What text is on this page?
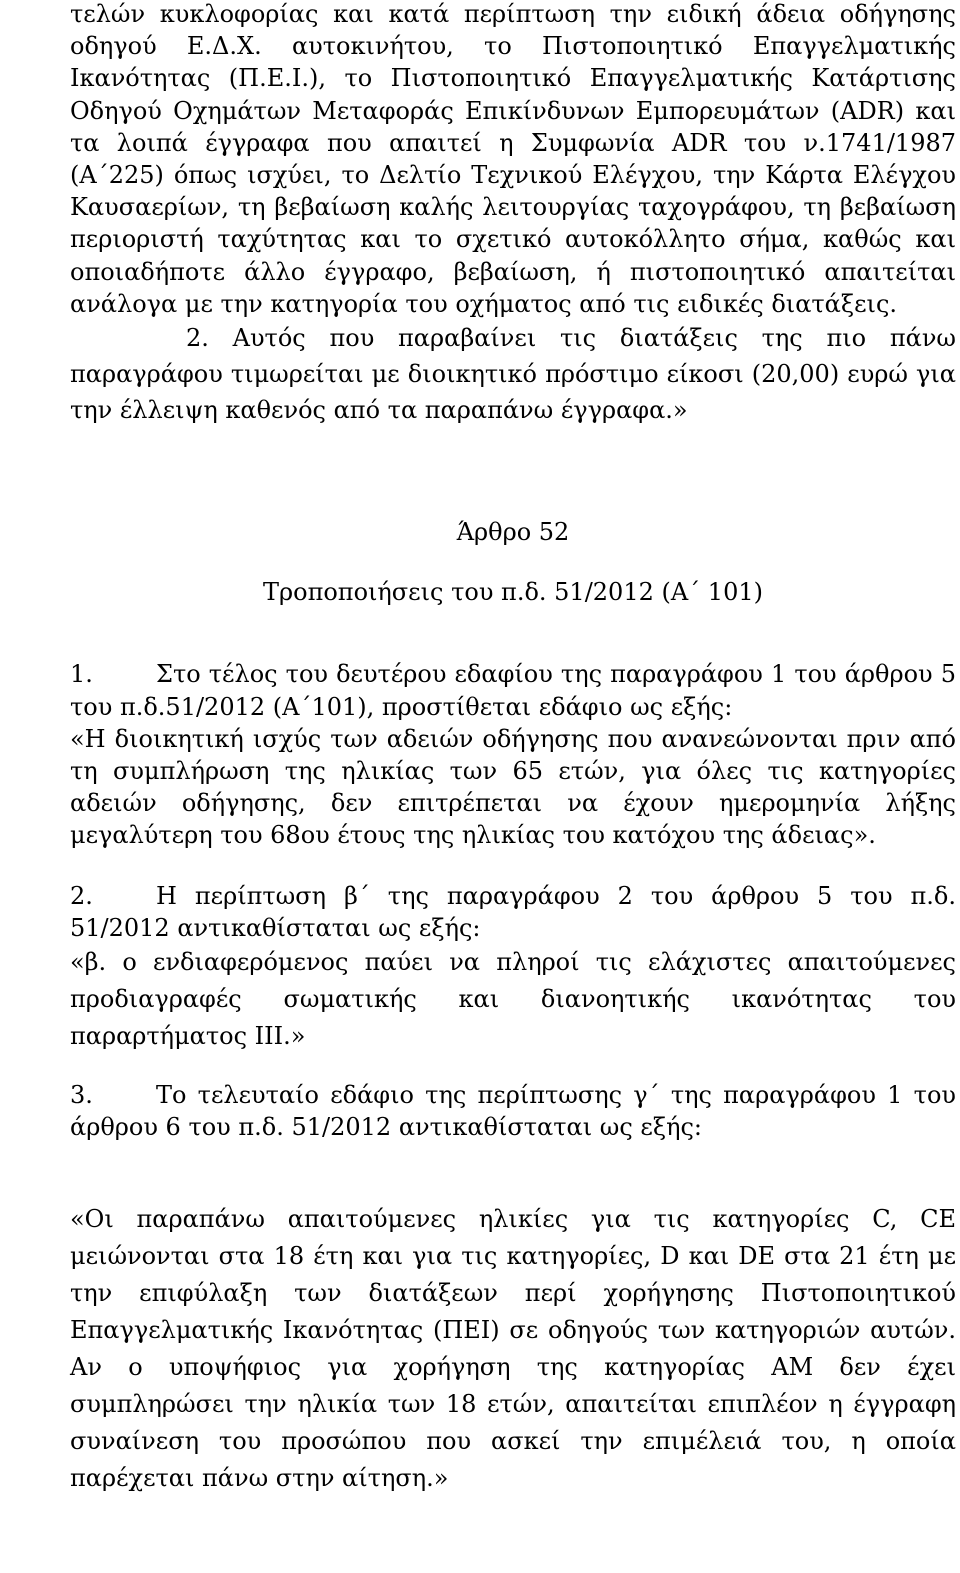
τελών κυκλοφορίας και κατά περίπτωση την ειδική άδεια οδήγησης οδηγού Ε.Δ.Χ. αυτοκινήτου, το Πιστοποιητικό Επαγγελματικής Ικανότητας (Π.Ε.Ι.), το Πιστοποιητικό Επαγγελματικής Κατάρτισης Οδηγού Οχημάτων Μεταφοράς Επικίνδυνων Εμπορευμάτων (ADR) και τα λοιπά έγγραφα που απαιτεί η Συμφωνία ADR του ν.1741/1987 (Α΄225) όπως ισχύει, το Δελτίο Τεχνικού Ελέγχου, την Κάρτα Ελέγχου Καυσαερίων, τη βεβαίωση καλής λειτουργίας ταχογράφου, τη βεβαίωση περιοριστή ταχύτητας και το σχετικό αυτοκόλλητο σήμα, καθώς και οποιαδήποτε άλλο έγγραφο, βεβαίωση, ή πιστοποιητικό απαιτείται ανάλογα με την κατηγορία του οχήματος από τις ειδικές διατάξεις.

2. Αυτός που παραβαίνει τις διατάξεις της πιο πάνω παραγράφου τιμωρείται με διοικητικό πρόστιμο είκοσι (20,00) ευρώ για την έλλειψη καθενός από τα παραπάνω έγγραφα.»

Άρθρο 52

Τροποποιήσεις του π.δ. 51/2012 (Α΄ 101)

1.	Στο τέλος του δευτέρου εδαφίου της παραγράφου 1 του άρθρου 5 του π.δ.51/2012 (Α΄101), προστίθεται εδάφιο ως εξής:

«Η διοικητική ισχύς των αδειών οδήγησης που ανανεώνονται πριν από τη συμπλήρωση της ηλικίας των 65 ετών, για όλες τις κατηγορίες αδειών οδήγησης, δεν επιτρέπεται να έχουν ημερομηνία λήξης μεγαλύτερη του 68ου έτους της ηλικίας του κατόχου της άδειας».

2.	Η περίπτωση β΄ της παραγράφου 2 του άρθρου 5 του π.δ. 51/2012 αντικαθίσταται ως εξής:

«β. ο ενδιαφερόμενος παύει να πληροί τις ελάχιστες απαιτούμενες προδιαγραφές σωματικής και διανοητικής ικανότητας του παραρτήματος ΙΙΙ.»

3.	Το τελευταίο εδάφιο της περίπτωσης γ΄ της παραγράφου 1 του άρθρου 6 του π.δ. 51/2012 αντικαθίσταται ως εξής:

«Οι παραπάνω απαιτούμενες ηλικίες για τις κατηγορίες C, CE μειώνονται στα 18 έτη και για τις κατηγορίες, D και DE στα 21 έτη με την επιφύλαξη των διατάξεων περί χορήγησης Πιστοποιητικού Επαγγελματικής Ικανότητας (ΠΕΙ) σε οδηγούς των κατηγοριών αυτών. Αν ο υποψήφιος για χορήγηση της κατηγορίας AM δεν έχει συμπληρώσει την ηλικία των 18 ετών, απαιτείται επιπλέον η έγγραφη συναίνεση του προσώπου που ασκεί την επιμέλειά του, η οποία παρέχεται πάνω στην αίτηση.»
